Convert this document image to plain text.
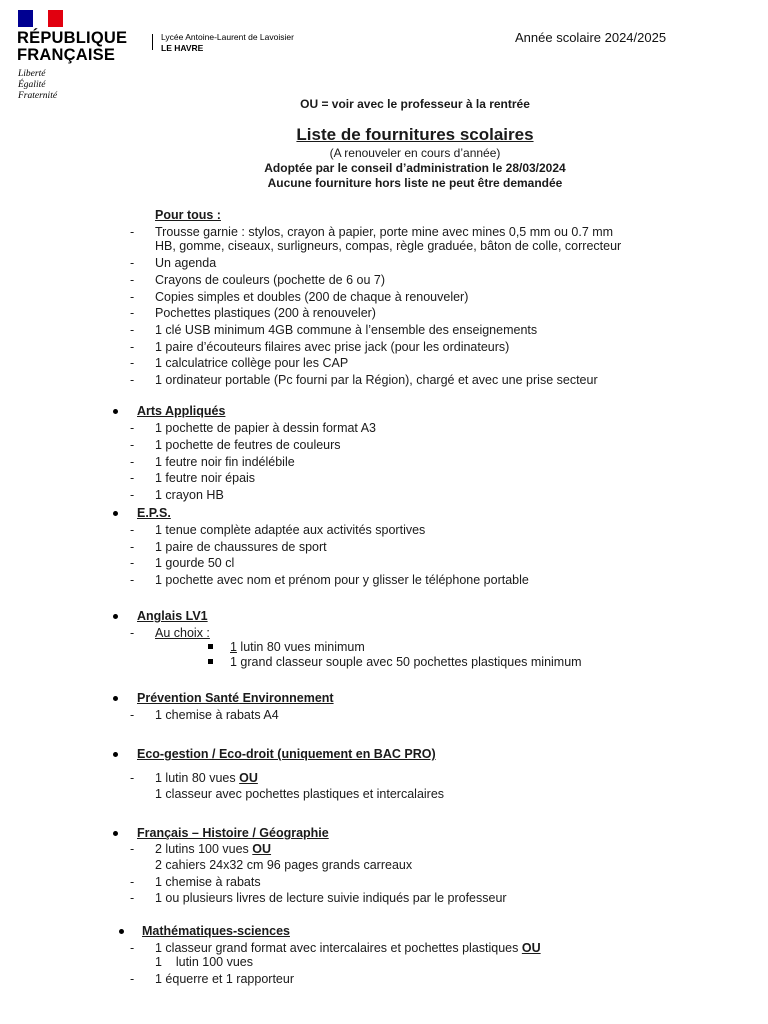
RÉPUBLIQUE
FRANÇAISE
Liberté
Égalité
Fraternité
Lycée Antoine-Laurent de Lavoisier
LE HAVRE
Année scolaire 2024/2025
OU = voir avec le professeur à la rentrée
Liste de fournitures scolaires
(A renouveler en cours d’année)
Adoptée par le conseil d’administration le 28/03/2024
Aucune fourniture hors liste ne peut être demandée
Pour tous :
- Trousse garnie : stylos, crayon à papier, porte mine avec mines 0,5 mm ou 0.7 mm
HB, gomme, ciseaux, surligneurs, compas, règle graduée, bâton de colle, correcteur
- Un agenda
- Crayons de couleurs (pochette de 6 ou 7)
- Copies simples et doubles (200 de chaque à renouveler)
- Pochettes plastiques (200 à renouveler)
- 1 clé USB minimum 4GB commune à l’ensemble des enseignements
- 1 paire d’écouteurs filaires avec prise jack (pour les ordinateurs)
- 1 calculatrice collège pour les CAP
- 1 ordinateur portable (Pc fourni par la Région), chargé et avec une prise secteur
Arts Appliqués
- 1 pochette de papier à dessin format A3
- 1 pochette de feutres de couleurs
- 1 feutre noir fin indélébile
- 1 feutre noir épais
- 1 crayon HB
E.P.S.
- 1 tenue complète adaptée aux activités sportives
- 1 paire de chaussures de sport
- 1 gourde 50 cl
- 1 pochette avec nom et prénom pour y glisser le téléphone portable
Anglais LV1
- Au choix :
1 lutin 80 vues minimum
1 grand classeur souple avec 50 pochettes plastiques minimum
Prévention Santé Environnement
- 1 chemise à rabats A4
Eco-gestion / Eco-droit (uniquement en BAC PRO)
- 1 lutin 80 vues OU
1 classeur avec pochettes plastiques et intercalaires
Français – Histoire / Géographie
- 2 lutins 100 vues OU
2 cahiers 24x32 cm 96 pages grands carreaux
- 1 chemise à rabats
- 1 ou plusieurs livres de lecture suivie indiqués par le professeur
Mathématiques-sciences
- 1 classeur grand format avec intercalaires et pochettes plastiques OU
1    lutin 100 vues
- 1 équerre et 1 rapporteur
